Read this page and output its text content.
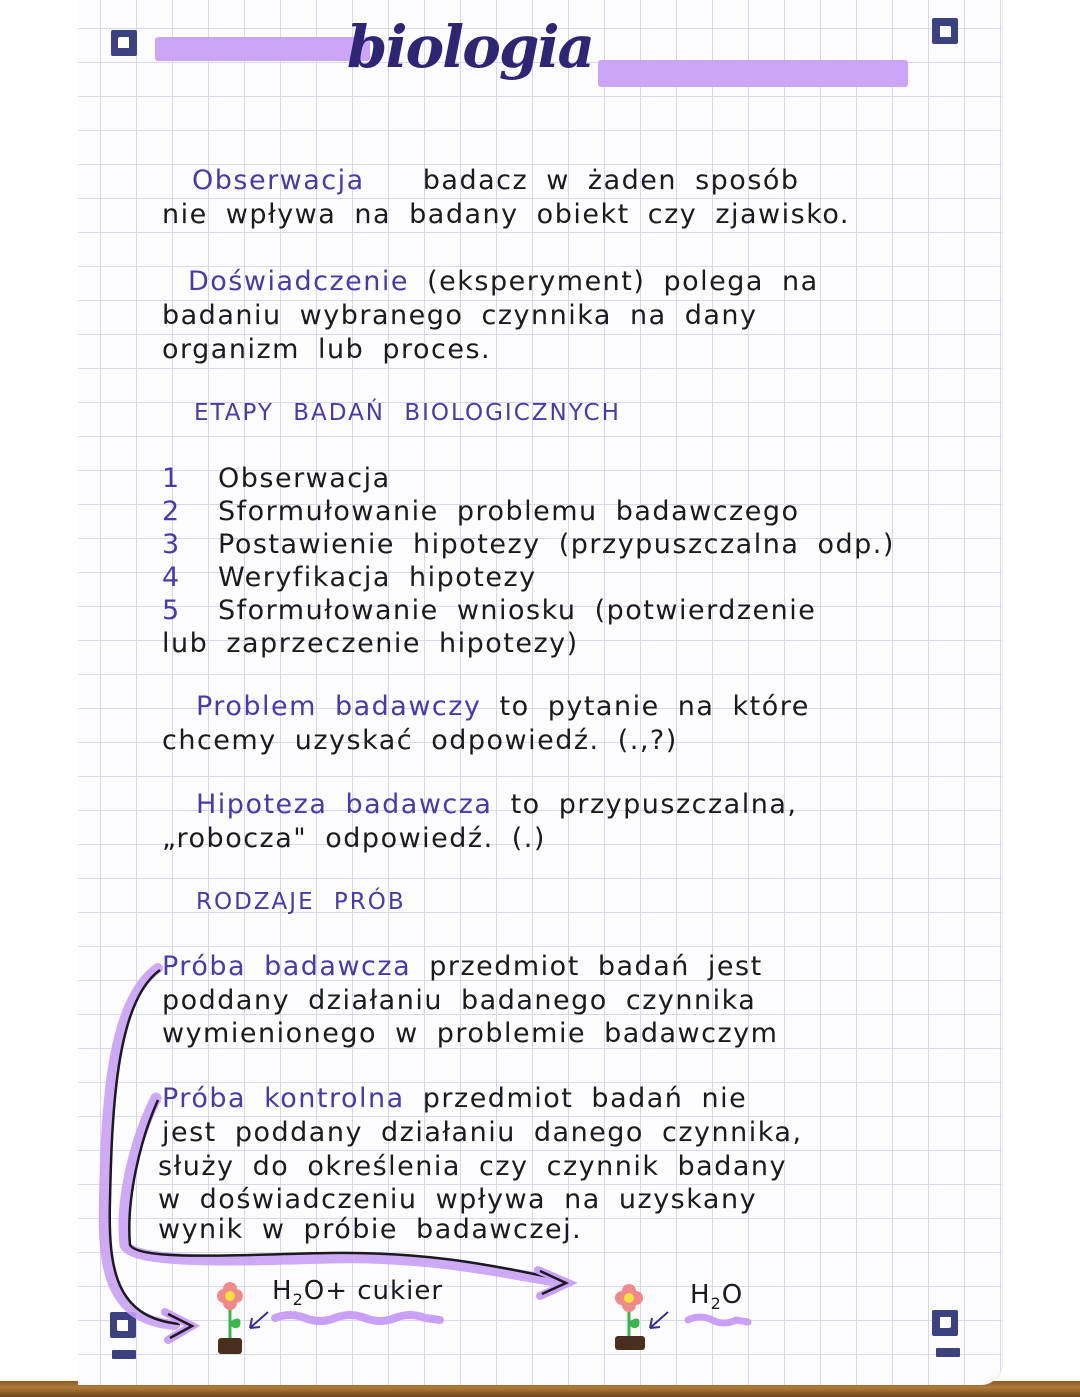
biologia
Obserwacja badacz w żaden sposób
nie wpływa na badany obiekt czy zjawisko.
Doświadczenie (eksperyment) polega na
badaniu wybranego czynnika na dany
organizm lub proces.
ETAPY BADAŃ BIOLOGICZNYCH
1	Obserwacja
2	Sformułowanie problemu badawczego
3	Postawienie hipotezy (przypuszczalna odp.)
4	Weryfikacja hipotezy
5	Sformułowanie wniosku (potwierdzenie
lub zaprzeczenie hipotezy)
Problem badawczy to pytanie na które
chcemy uzyskać odpowiedź. (.,?)
Hipoteza badawcza to przypuszczalna,
„robocza" odpowiedź. (.)
RODZAJE PRÓB
Próba badawcza przedmiot badań jest
poddany działaniu badanego czynnika
wymienionego w problemie badawczym
Próba kontrolna przedmiot badań nie
jest poddany działaniu danego czynnika,
służy do określenia czy czynnik badany
w doświadczeniu wpływa na uzyskany
wynik w próbie badawczej.
$H_2O+$ cukier	$H_2O$
